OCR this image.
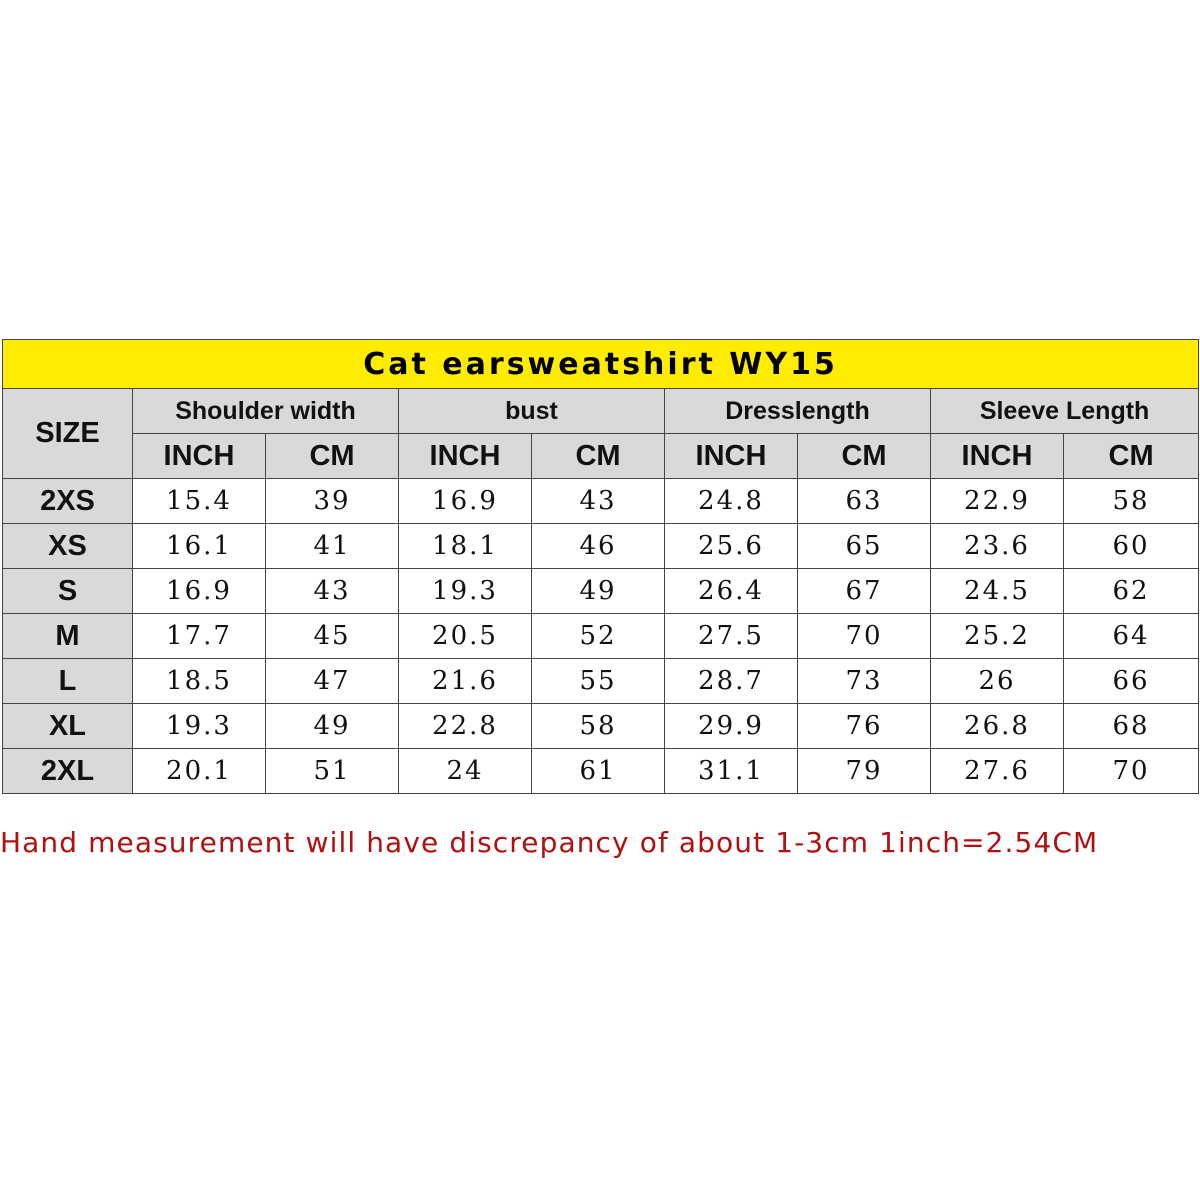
Cat earsweatshirt WY15								
SIZE	Shoulder width		bust		Dresslength		Sleeve Length	
	INCH	CM	INCH	CM	INCH	CM	INCH	CM
2XS	15.4	39	16.9	43	24.8	63	22.9	58
XS	16.1	41	18.1	46	25.6	65	23.6	60
S	16.9	43	19.3	49	26.4	67	24.5	62
M	17.7	45	20.5	52	27.5	70	25.2	64
L	18.5	47	21.6	55	28.7	73	26	66
XL	19.3	49	22.8	58	29.9	76	26.8	68
2XL	20.1	51	24	61	31.1	79	27.6	70
Hand measurement will have discrepancy of about 1-3cm 1inch=2.54CM
